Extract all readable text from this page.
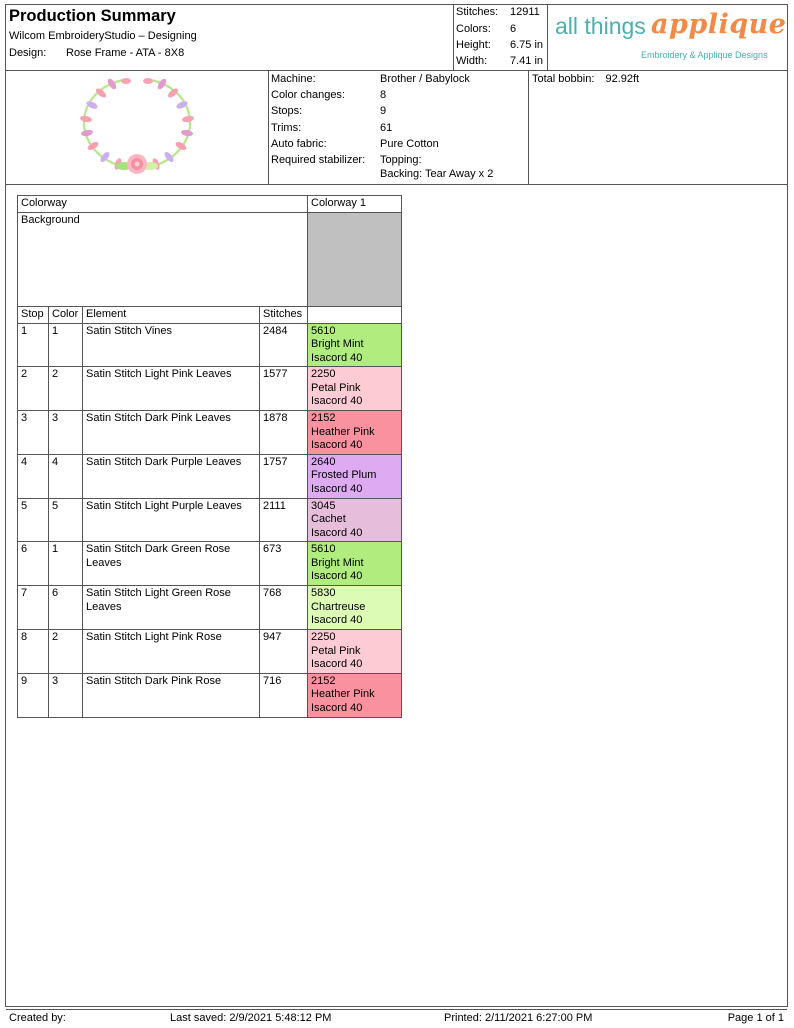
Production Summary
Wilcom EmbroideryStudio – Designing
Design: Rose Frame - ATA - 8X8
Stitches: 12911
Colors: 6
Height: 6.75 in
Width: 7.41 in
all things applique
Embroidery & Applique Designs
Machine:	Brother / Babylock
Color changes:	8
Stops:	9
Trims:	61
Auto fabric:	Pure Cotton
Required stabilizer: Topping:
Backing: Tear Away x 2
Total bobbin: 92.92ft
Colorway				Colorway 1
Background				
Stop	Color	Element	Stitches	
1	1	Satin Stitch Vines	2484	5610
Bright Mint
Isacord 40

2	2	Satin Stitch Light Pink Leaves	1577	2250
Petal Pink
Isacord 40

3	3	Satin Stitch Dark Pink Leaves	1878	2152
Heather Pink
Isacord 40

4	4	Satin Stitch Dark Purple Leaves	1757	2640
Frosted Plum
Isacord 40

5	5	Satin Stitch Light Purple Leaves	2111	3045
Cachet
Isacord 40

6	1	Satin Stitch Dark Green Rose Leaves	673	5610
Bright Mint
Isacord 40

7	6	Satin Stitch Light Green Rose Leaves	768	5830
Chartreuse
Isacord 40

8	2	Satin Stitch Light Pink Rose	947	2250
Petal Pink
Isacord 40

9	3	Satin Stitch Dark Pink Rose	716	2152
Heather Pink
Isacord 40
Created by:	Last saved: 2/9/2021 5:48:12 PM	Printed: 2/11/2021 6:27:00 PM	Page 1 of 1
